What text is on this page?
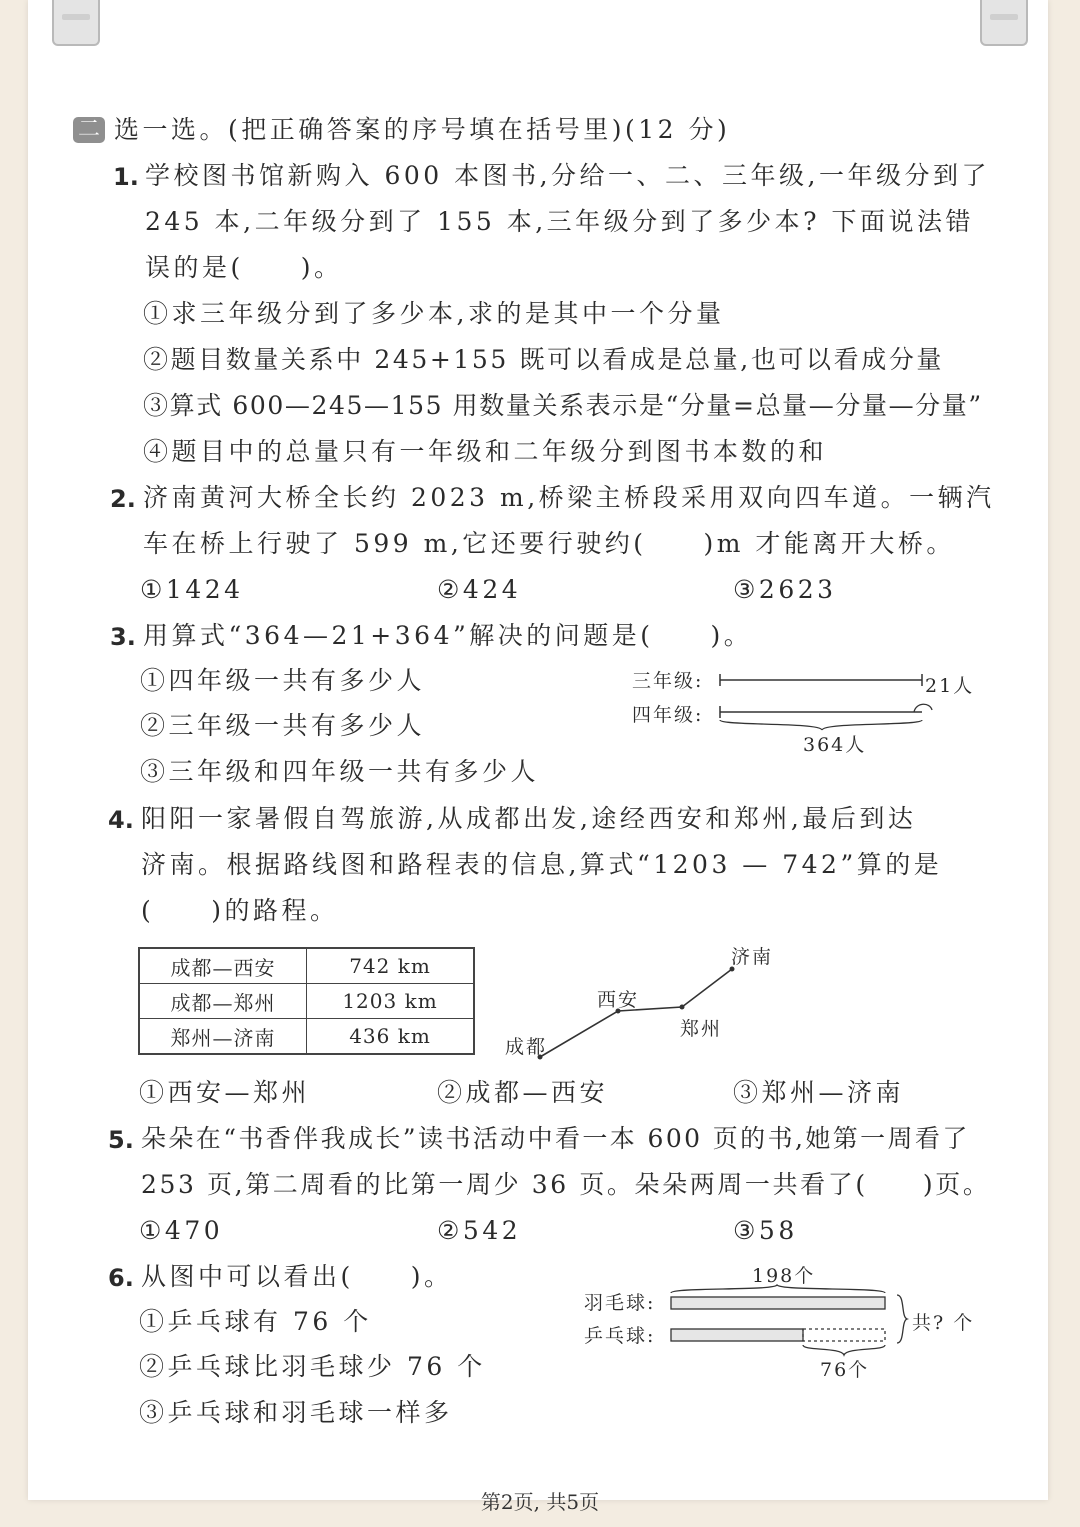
二 选一选。(把正确答案的序号填在括号里)(12 分)
1. 学校图书馆新购入 600 本图书,分给一、二、三年级,一年级分到了
245 本,二年级分到了 155 本,三年级分到了多少本? 下面说法错
误的是(　　)。
①求三年级分到了多少本,求的是其中一个分量
②题目数量关系中 245+155 既可以看成是总量,也可以看成分量
③算式 600—245—155 用数量关系表示是“分量=总量—分量—分量”
④题目中的总量只有一年级和二年级分到图书本数的和
2. 济南黄河大桥全长约 2023 m,桥梁主桥段采用双向四车道。一辆汽
车在桥上行驶了 599 m,它还要行驶约(　　)m 才能离开大桥。
①1424	②424	③2623
3. 用算式“364—21+364”解决的问题是(　　)。
①四年级一共有多少人
②三年级一共有多少人
③三年级和四年级一共有多少人
三年级:
四年级:
21人
364人
4. 阳阳一家暑假自驾旅游,从成都出发,途经西安和郑州,最后到达
济南。根据路线图和路程表的信息,算式“1203 — 742”算的是
(　　)的路程。
成都—西安	742 km
成都—郑州	1203 km
郑州—济南	436 km	成都
西安
郑州
济南
①西安—郑州	②成都—西安	③郑州—济南
5. 朵朵在“书香伴我成长”读书活动中看一本 600 页的书,她第一周看了
253 页,第二周看的比第一周少 36 页。朵朵两周一共看了(　　)页。
①470	②542	③58
6. 从图中可以看出(　　)。
①乒乓球有 76 个
②乒乓球比羽毛球少 76 个
③乒乓球和羽毛球一样多
198个
羽毛球:
乒乓球:
共? 个
76个
第2页, 共5页
